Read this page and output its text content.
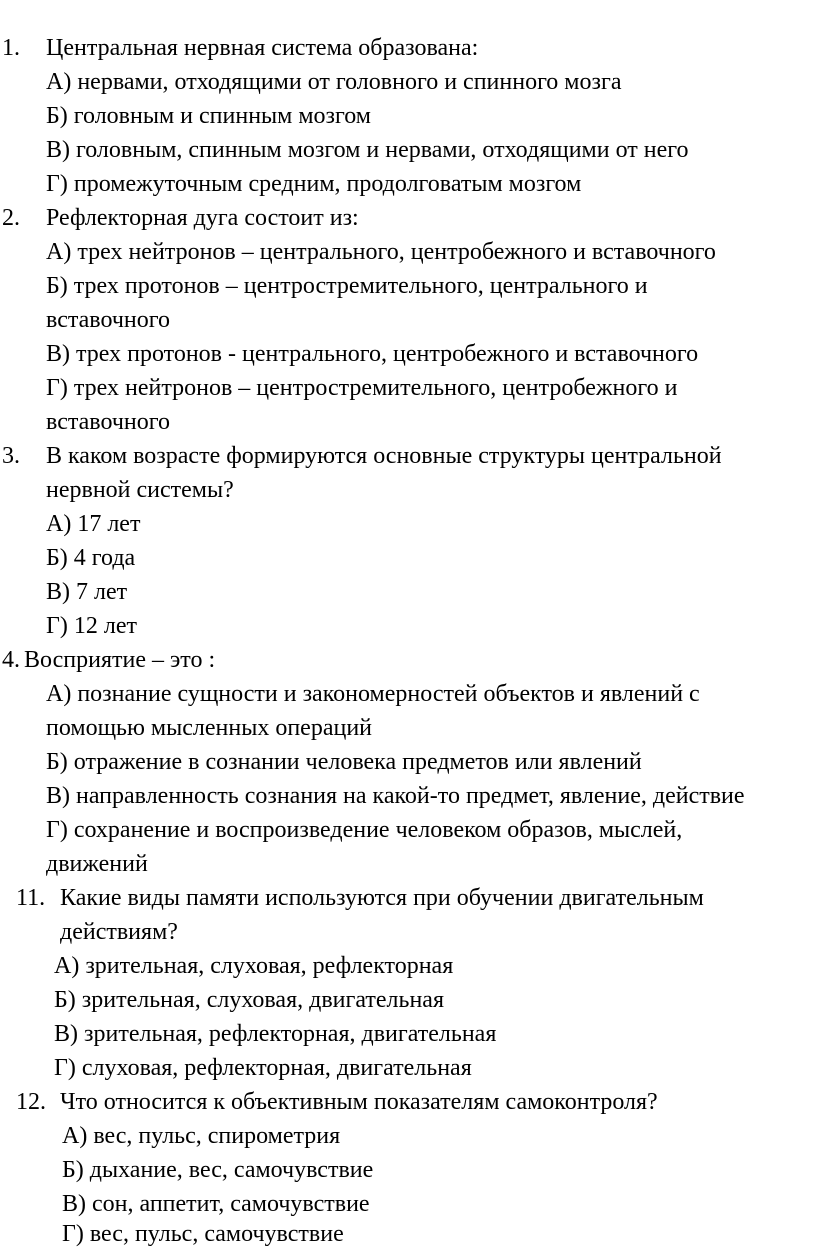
1. Центральная нервная система образована:
А) нервами, отходящими от головного и спинного мозга
Б) головным и спинным мозгом
В) головным, спинным мозгом и нервами, отходящими от него
Г) промежуточным средним, продолговатым мозгом
2. Рефлекторная дуга состоит из:
А) трех нейтронов – центрального, центробежного и вставочного
Б) трех протонов – центростремительного, центрального и
вставочного
В) трех протонов - центрального, центробежного и вставочного
Г) трех нейтронов – центростремительного, центробежного и
вставочного
3. В каком возрасте формируются основные структуры центральной
нервной системы?
А) 17 лет
Б) 4 года
В) 7 лет
Г) 12 лет
4. Восприятие – это :
А) познание сущности и закономерностей объектов и явлений с
помощью мысленных операций
Б) отражение в сознании человека предметов или явлений
В) направленность сознания на какой-то предмет, явление, действие
Г) сохранение и воспроизведение человеком образов, мыслей,
движений
11. Какие виды памяти используются при обучении двигательным
действиям?
А) зрительная, слуховая, рефлекторная
Б) зрительная, слуховая, двигательная
В) зрительная, рефлекторная, двигательная
Г) слуховая, рефлекторная, двигательная
12. Что относится к объективным показателям самоконтроля?
А) вес, пульс, спирометрия
Б) дыхание, вес, самочувствие
В) сон, аппетит, самочувствие
Г) вес, пульс, самочувствие
